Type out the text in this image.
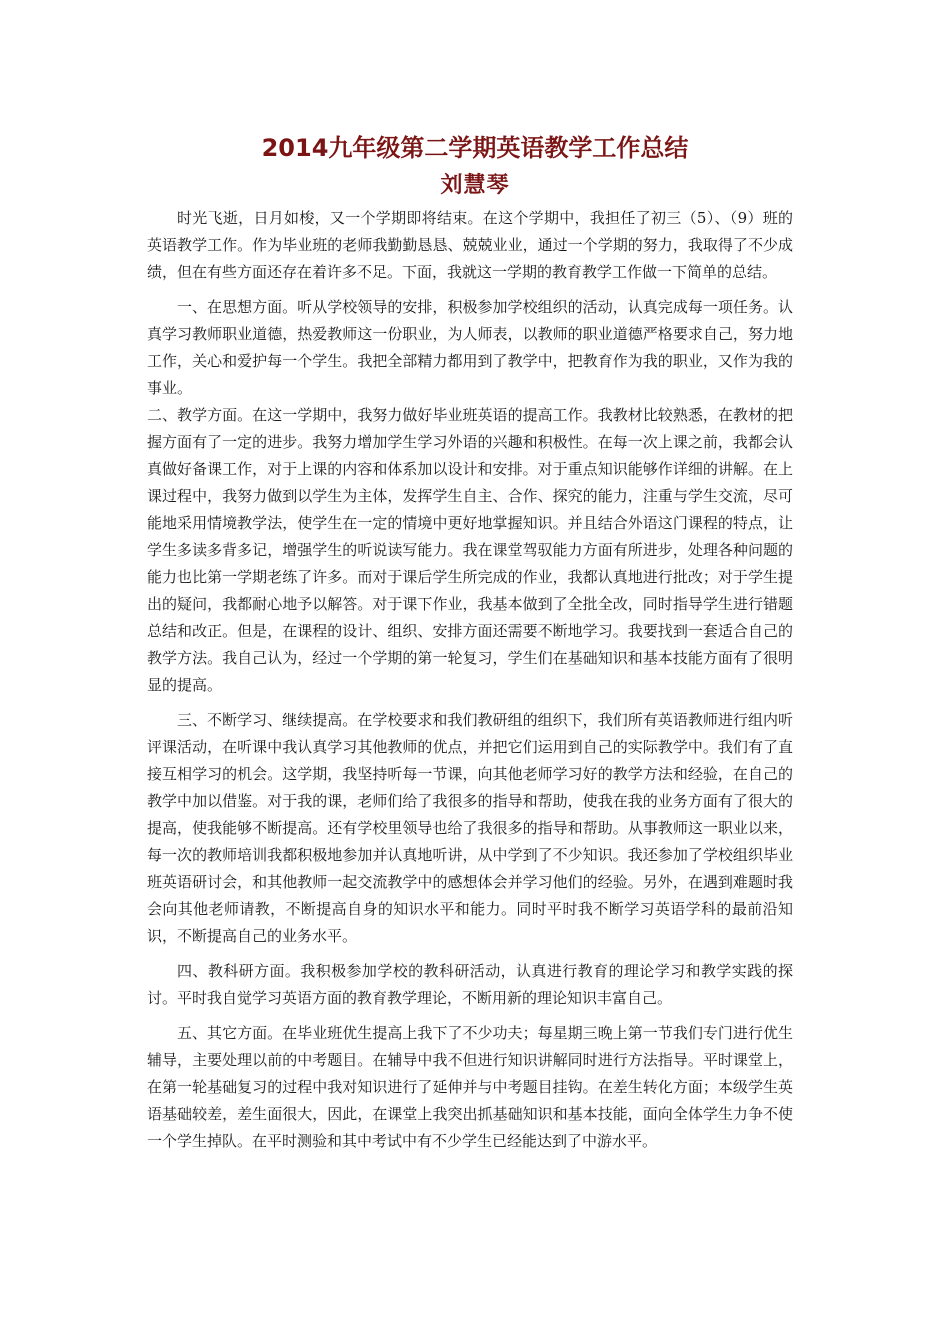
2014九年级第二学期英语教学工作总结
刘慧琴

时光飞逝，日月如梭，又一个学期即将结束。在这个学期中，我担任了初三（5）、（9）班的英语教学工作。作为毕业班的老师我勤勤恳恳、兢兢业业，通过一个学期的努力，我取得了不少成绩，但在有些方面还存在着许多不足。下面，我就这一学期的教育教学工作做一下简单的总结。

一、在思想方面。听从学校领导的安排，积极参加学校组织的活动，认真完成每一项任务。认真学习教师职业道德，热爱教师这一份职业，为人师表，以教师的职业道德严格要求自己，努力地工作，关心和爱护每一个学生。我把全部精力都用到了教学中，把教育作为我的职业，又作为我的事业。

二、教学方面。在这一学期中，我努力做好毕业班英语的提高工作。我教材比较熟悉，在教材的把握方面有了一定的进步。我努力增加学生学习外语的兴趣和积极性。在每一次上课之前，我都会认真做好备课工作，对于上课的内容和体系加以设计和安排。对于重点知识能够作详细的讲解。在上课过程中，我努力做到以学生为主体，发挥学生自主、合作、探究的能力，注重与学生交流，尽可能地采用情境教学法，使学生在一定的情境中更好地掌握知识。并且结合外语这门课程的特点，让学生多读多背多记，增强学生的听说读写能力。我在课堂驾驭能力方面有所进步，处理各种问题的能力也比第一学期老练了许多。而对于课后学生所完成的作业，我都认真地进行批改；对于学生提出的疑问，我都耐心地予以解答。对于课下作业，我基本做到了全批全改，同时指导学生进行错题总结和改正。但是，在课程的设计、组织、安排方面还需要不断地学习。我要找到一套适合自己的教学方法。我自己认为，经过一个学期的第一轮复习，学生们在基础知识和基本技能方面有了很明显的提高。

三、不断学习、继续提高。在学校要求和我们教研组的组织下，我们所有英语教师进行组内听评课活动，在听课中我认真学习其他教师的优点，并把它们运用到自己的实际教学中。我们有了直接互相学习的机会。这学期，我坚持听每一节课，向其他老师学习好的教学方法和经验，在自己的教学中加以借鉴。对于我的课，老师们给了我很多的指导和帮助，使我在我的业务方面有了很大的提高，使我能够不断提高。还有学校里领导也给了我很多的指导和帮助。从事教师这一职业以来，每一次的教师培训我都积极地参加并认真地听讲，从中学到了不少知识。我还参加了学校组织毕业班英语研讨会，和其他教师一起交流教学中的感想体会并学习他们的经验。另外，在遇到难题时我会向其他老师请教，不断提高自身的知识水平和能力。同时平时我不断学习英语学科的最前沿知识，不断提高自己的业务水平。

四、教科研方面。我积极参加学校的教科研活动，认真进行教育的理论学习和教学实践的探讨。平时我自觉学习英语方面的教育教学理论，不断用新的理论知识丰富自己。

五、其它方面。在毕业班优生提高上我下了不少功夫；每星期三晚上第一节我们专门进行优生辅导，主要处理以前的中考题目。在辅导中我不但进行知识讲解同时进行方法指导。平时课堂上，在第一轮基础复习的过程中我对知识进行了延伸并与中考题目挂钩。在差生转化方面；本级学生英语基础较差，差生面很大，因此，在课堂上我突出抓基础知识和基本技能，面向全体学生力争不使一个学生掉队。在平时测验和其中考试中有不少学生已经能达到了中游水平。
